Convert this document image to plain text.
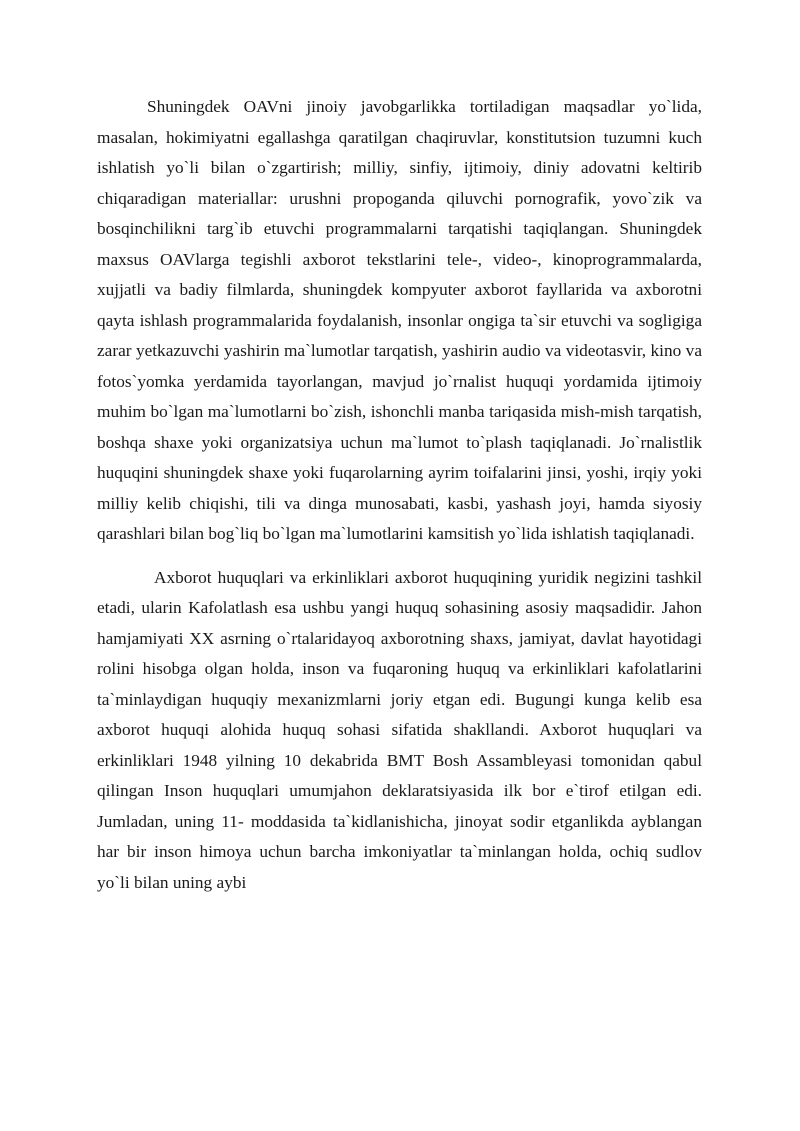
Shuningdek OAVni jinoiy javobgarlikka tortiladigan maqsadlar yo`lida, masalan, hokimiyatni egallashga qaratilgan chaqiruvlar, konstitutsion tuzumni kuch ishlatish yo`li bilan o`zgartirish; milliy, sinfiy, ijtimoiy, diniy adovatni keltirib chiqaradigan materiallar: urushni propoganda qiluvchi pornografik, yovo`zik va bosqinchilikni targ`ib etuvchi programmalarni tarqatishi taqiqlangan. Shuningdek maxsus OAVlarga tegishli axborot tekstlarini tele-, video-, kinoprogrammalarda, xujjatli va badiy filmlarda, shuningdek kompyuter axborot fayllarida va axborotni qayta ishlash programmalarida foydalanish, insonlar ongiga ta`sir etuvchi va sogligiga zarar yetkazuvchi yashirin ma`lumotlar tarqatish, yashirin audio va videotasvir, kino va fotos`yomka yerdamida tayorlangan, mavjud jo`rnalist huquqi yordamida ijtimoiy muhim bo`lgan ma`lumotlarni bo`zish, ishonchli manba tariqasida mish-mish tarqatish, boshqa shaxe yoki organizatsiya uchun ma`lumot to`plash taqiqlanadi. Jo`rnalistlik huquqini shuningdek shaxe yoki fuqarolarning ayrim toifalarini jinsi, yoshi, irqiy yoki milliy kelib chiqishi, tili va dinga munosabati, kasbi, yashash joyi, hamda siyosiy qarashlari bilan bog`liq bo`lgan ma`lumotlarini kamsitish yo`lida ishlatish taqiqlanadi.

Axborot huquqlari va erkinliklari axborot huquqining yuridik negizini tashkil etadi, ularin Kafolatlash esa ushbu yangi huquq sohasining asosiy maqsadidir. Jahon hamjamiyati XX asrning o`rtalaridayoq axborotning shaxs, jamiyat, davlat hayotidagi rolini hisobga olgan holda, inson va fuqaroning huquq va erkinliklari kafolatlarini ta`minlaydigan huquqiy mexanizmlarni joriy etgan edi. Bugungi kunga kelib esa axborot huquqi alohida huquq sohasi sifatida shakllandi. Axborot huquqlari va erkinliklari 1948 yilning 10 dekabrida BMT Bosh Assambleyasi tomonidan qabul qilingan Inson huquqlari umumjahon deklaratsiyasida ilk bor e`tirof etilgan edi. Jumladan, uning 11- moddasida ta`kidlanishicha, jinoyat sodir etganlikda ayblangan har bir inson himoya uchun barcha imkoniyatlar ta`minlangan holda, ochiq sudlov yo`li bilan uning aybi
